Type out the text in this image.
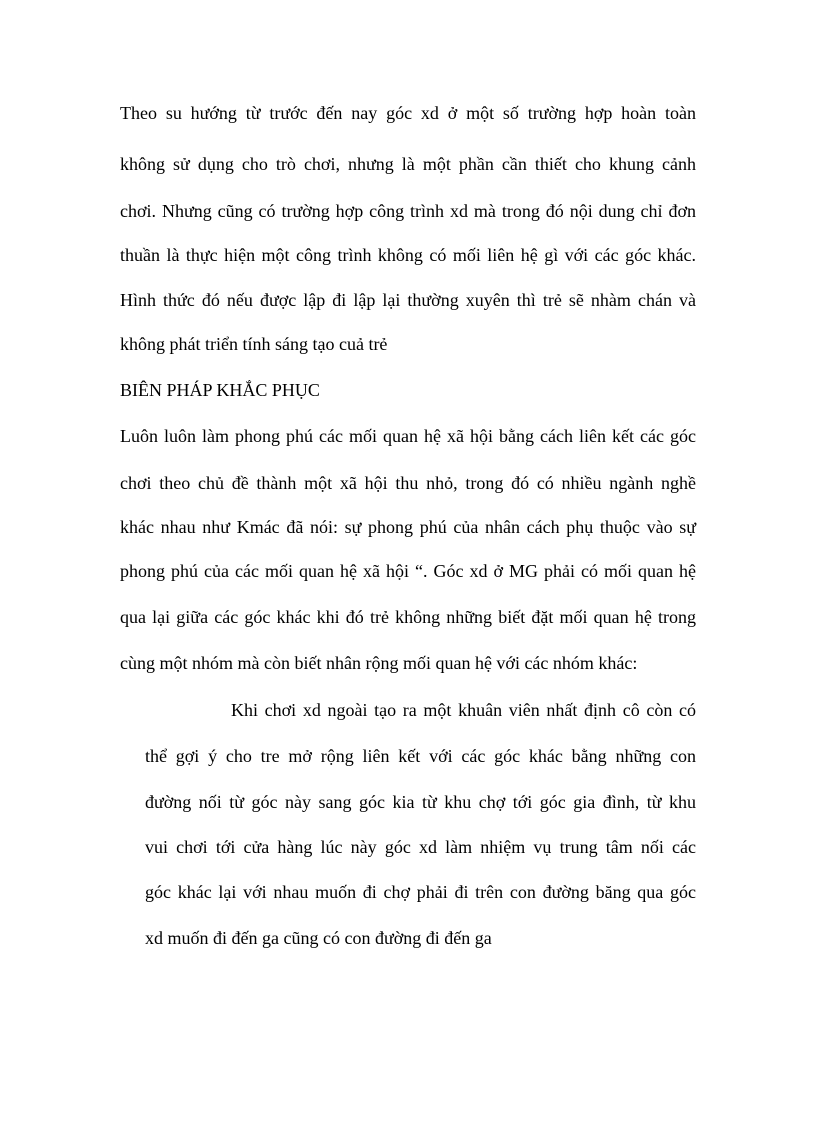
Theo su hướng từ trước đến nay góc xd ở một số trường hợp hoàn toàn
không sử dụng cho trò chơi, nhưng là một phần cần thiết cho khung cảnh
chơi. Nhưng cũng có trường hợp công trình xd mà trong đó nội dung chỉ đơn
thuần là thực hiện một công trình không có mối liên hệ gì với các góc khác.
Hình thức đó nếu được lập đi lập lại thường xuyên thì trẻ sẽ nhàm chán và
không phát triển tính sáng tạo cuả trẻ
BIÊN PHÁP KHẮC PHỤC
Luôn luôn làm phong phú các mối quan hệ xã hội bằng cách liên kết các góc
chơi theo chủ đề thành một xã hội thu nhỏ, trong đó có nhiều ngành nghề
khác nhau như Kmác đã nói: sự phong phú của nhân cách phụ thuộc vào sự
phong phú của các mối quan hệ xã hội “. Góc xd ở MG phải có mối quan hệ
qua lại giữa các góc khác khi đó trẻ không những biết đặt mối quan hệ trong
cùng một nhóm mà còn biết nhân rộng mối quan hệ với các nhóm khác:
Khi chơi xd ngoài tạo ra một khuân viên nhất định cô còn có
thể gợi ý cho tre mở rộng liên kết với các góc khác bằng những con
đường nối từ góc này sang góc kia từ khu chợ tới góc gia đình, từ khu
vui chơi tới cửa hàng lúc này góc xd làm nhiệm vụ trung tâm nối các
góc khác lại với nhau muốn đi chợ phải đi trên con đường băng qua góc
xd muốn đi đến ga cũng có con đường đi đến ga
